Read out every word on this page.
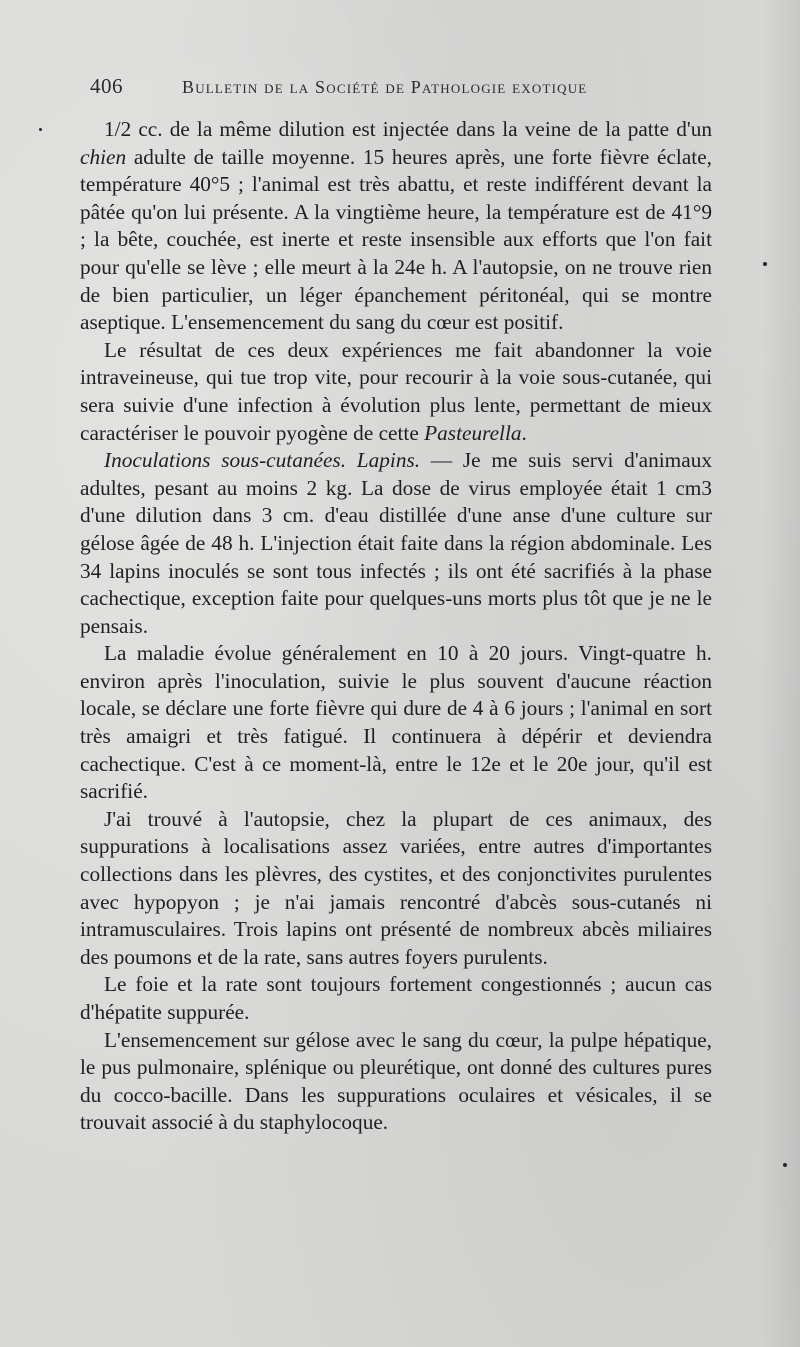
406	Bulletin de la Société de Pathologie exotique

1/2 cc. de la même dilution est injectée dans la veine de la patte d'un chien adulte de taille moyenne. 15 heures après, une forte fièvre éclate, température 40°5 ; l'animal est très abattu, et reste indifférent devant la pâtée qu'on lui présente. A la vingtième heure, la température est de 41°9 ; la bête, couchée, est inerte et reste insensible aux efforts que l'on fait pour qu'elle se lève ; elle meurt à la 24e h. A l'autopsie, on ne trouve rien de bien particulier, un léger épanchement péritonéal, qui se montre aseptique. L'ensemencement du sang du cœur est positif.

Le résultat de ces deux expériences me fait abandonner la voie intraveineuse, qui tue trop vite, pour recourir à la voie sous-cutanée, qui sera suivie d'une infection à évolution plus lente, permettant de mieux caractériser le pouvoir pyogène de cette Pasteurella.

Inoculations sous-cutanées. Lapins. — Je me suis servi d'animaux adultes, pesant au moins 2 kg. La dose de virus employée était 1 cm3 d'une dilution dans 3 cm. d'eau distillée d'une anse d'une culture sur gélose âgée de 48 h. L'injection était faite dans la région abdominale. Les 34 lapins inoculés se sont tous infectés ; ils ont été sacrifiés à la phase cachectique, exception faite pour quelques-uns morts plus tôt que je ne le pensais.

La maladie évolue généralement en 10 à 20 jours. Vingt-quatre h. environ après l'inoculation, suivie le plus souvent d'aucune réaction locale, se déclare une forte fièvre qui dure de 4 à 6 jours ; l'animal en sort très amaigri et très fatigué. Il continuera à dépérir et deviendra cachectique. C'est à ce moment-là, entre le 12e et le 20e jour, qu'il est sacrifié.

J'ai trouvé à l'autopsie, chez la plupart de ces animaux, des suppurations à localisations assez variées, entre autres d'importantes collections dans les plèvres, des cystites, et des conjonctivites purulentes avec hypopyon ; je n'ai jamais rencontré d'abcès sous-cutanés ni intramusculaires. Trois lapins ont présenté de nombreux abcès miliaires des poumons et de la rate, sans autres foyers purulents.

Le foie et la rate sont toujours fortement congestionnés ; aucun cas d'hépatite suppurée.

L'ensemencement sur gélose avec le sang du cœur, la pulpe hépatique, le pus pulmonaire, splénique ou pleurétique, ont donné des cultures pures du cocco-bacille. Dans les suppurations oculaires et vésicales, il se trouvait associé à du staphylocoque.
